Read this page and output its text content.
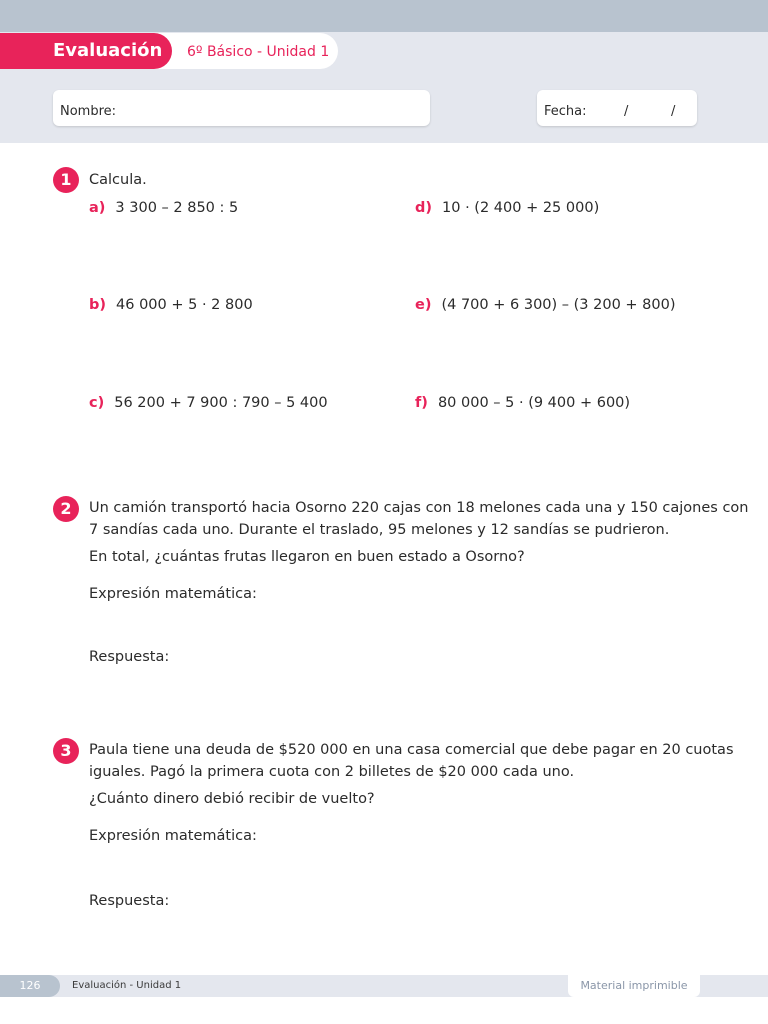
Evaluación	6º Básico - Unidad 1
Nombre:	Fecha:	/	/
1	Calcula.
a) 3 300 – 2 850 : 5
b) 46 000 + 5 · 2 800
c) 56 200 + 7 900 : 790 – 5 400
d) 10 · (2 400 + 25 000)
e) (4 700 + 6 300) – (3 200 + 800)
f) 80 000 – 5 · (9 400 + 600)
2	Un camión transportó hacia Osorno 220 cajas con 18 melones cada una y 150 cajones con
7 sandías cada uno. Durante el traslado, 95 melones y 12 sandías se pudrieron.
En total, ¿cuántas frutas llegaron en buen estado a Osorno?
Expresión matemática:
Respuesta:
3	Paula tiene una deuda de $520 000 en una casa comercial que debe pagar en 20 cuotas
iguales. Pagó la primera cuota con 2 billetes de $20 000 cada uno.
¿Cuánto dinero debió recibir de vuelto?
Expresión matemática:
Respuesta:
126	Evaluación - Unidad 1	Material imprimible
